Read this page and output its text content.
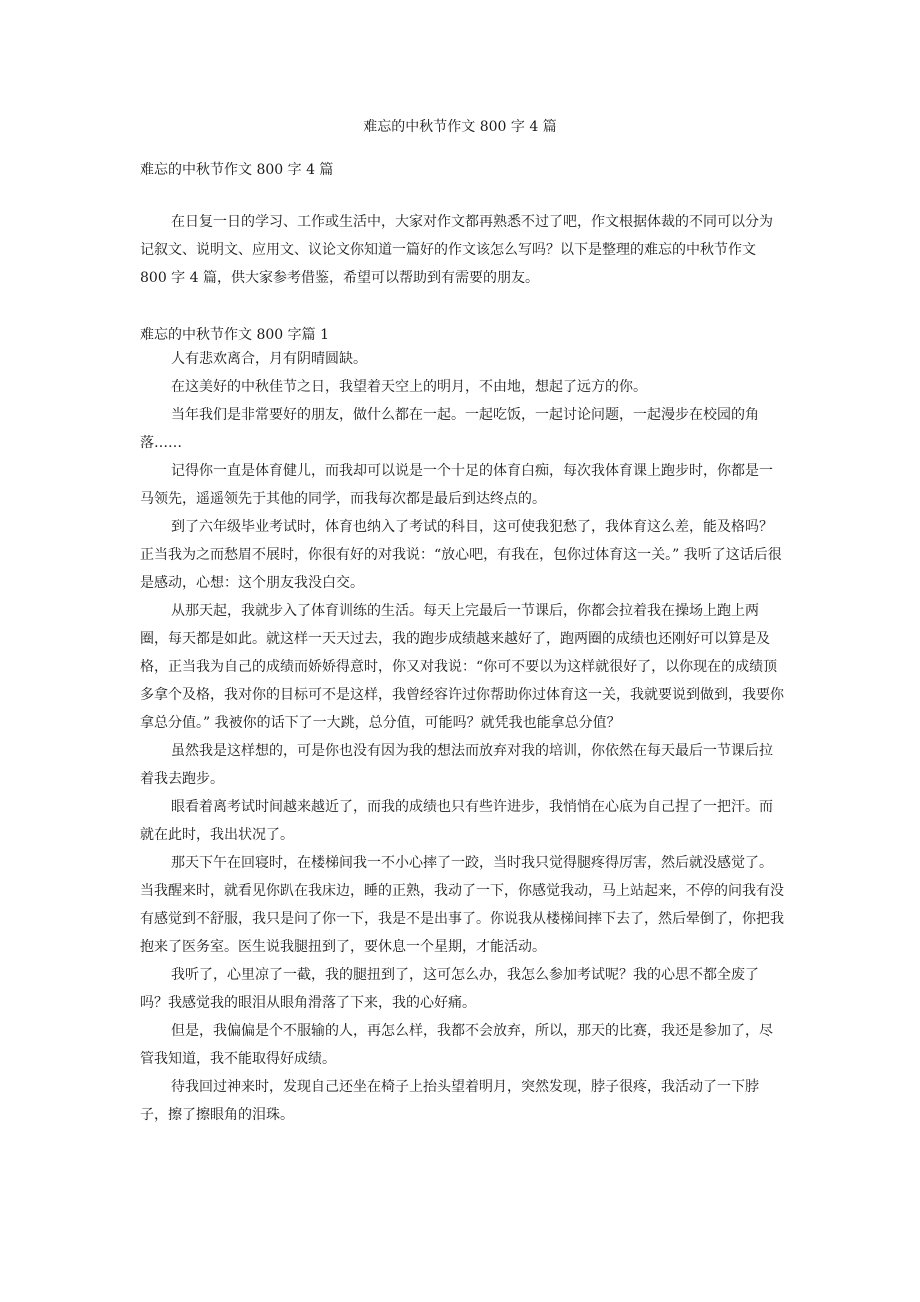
难忘的中秋节作文 800 字 4 篇
难忘的中秋节作文 800 字 4 篇

在日复一日的学习、工作或生活中，大家对作文都再熟悉不过了吧，作文根据体裁的不同可以分为记叙文、说明文、应用文、议论文你知道一篇好的作文该怎么写吗？以下是整理的难忘的中秋节作文 800 字 4 篇，供大家参考借鉴，希望可以帮助到有需要的朋友。

难忘的中秋节作文 800 字篇 1

人有悲欢离合，月有阴晴圆缺。

在这美好的中秋佳节之日，我望着天空上的明月，不由地，想起了远方的你。

当年我们是非常要好的朋友，做什么都在一起。一起吃饭，一起讨论问题，一起漫步在校园的角落……

记得你一直是体育健儿，而我却可以说是一个十足的体育白痴，每次我体育课上跑步时，你都是一马领先，遥遥领先于其他的同学，而我每次都是最后到达终点的。

到了六年级毕业考试时，体育也纳入了考试的科目，这可使我犯愁了，我体育这么差，能及格吗？正当我为之而愁眉不展时，你很有好的对我说：“放心吧，有我在，包你过体育这一关。” 我听了这话后很是感动，心想：这个朋友我没白交。

从那天起，我就步入了体育训练的生活。每天上完最后一节课后，你都会拉着我在操场上跑上两圈，每天都是如此。就这样一天天过去，我的跑步成绩越来越好了，跑两圈的成绩也还刚好可以算是及格，正当我为自己的成绩而娇娇得意时，你又对我说：“你可不要以为这样就很好了，以你现在的成绩顶多拿个及格，我对你的目标可不是这样，我曾经容许过你帮助你过体育这一关，我就要说到做到，我要你拿总分值。” 我被你的话下了一大跳，总分值，可能吗？就凭我也能拿总分值？

虽然我是这样想的，可是你也没有因为我的想法而放弃对我的培训，你依然在每天最后一节课后拉着我去跑步。

眼看着离考试时间越来越近了，而我的成绩也只有些许进步，我悄悄在心底为自己捏了一把汗。而就在此时，我出状况了。

那天下午在回寝时，在楼梯间我一不小心摔了一跤，当时我只觉得腿疼得厉害，然后就没感觉了。当我醒来时，就看见你趴在我床边，睡的正熟，我动了一下，你感觉我动，马上站起来，不停的问我有没有感觉到不舒服，我只是问了你一下，我是不是出事了。你说我从楼梯间摔下去了，然后晕倒了，你把我抱来了医务室。医生说我腿扭到了，要休息一个星期，才能活动。

我听了，心里凉了一截，我的腿扭到了，这可怎么办，我怎么参加考试呢？我的心思不都全废了吗？我感觉我的眼泪从眼角滑落了下来，我的心好痛。

但是，我偏偏是个不服输的人，再怎么样，我都不会放弃，所以，那天的比赛，我还是参加了，尽管我知道，我不能取得好成绩。

待我回过神来时，发现自己还坐在椅子上抬头望着明月，突然发现，脖子很疼，我活动了一下脖子，擦了擦眼角的泪珠。
